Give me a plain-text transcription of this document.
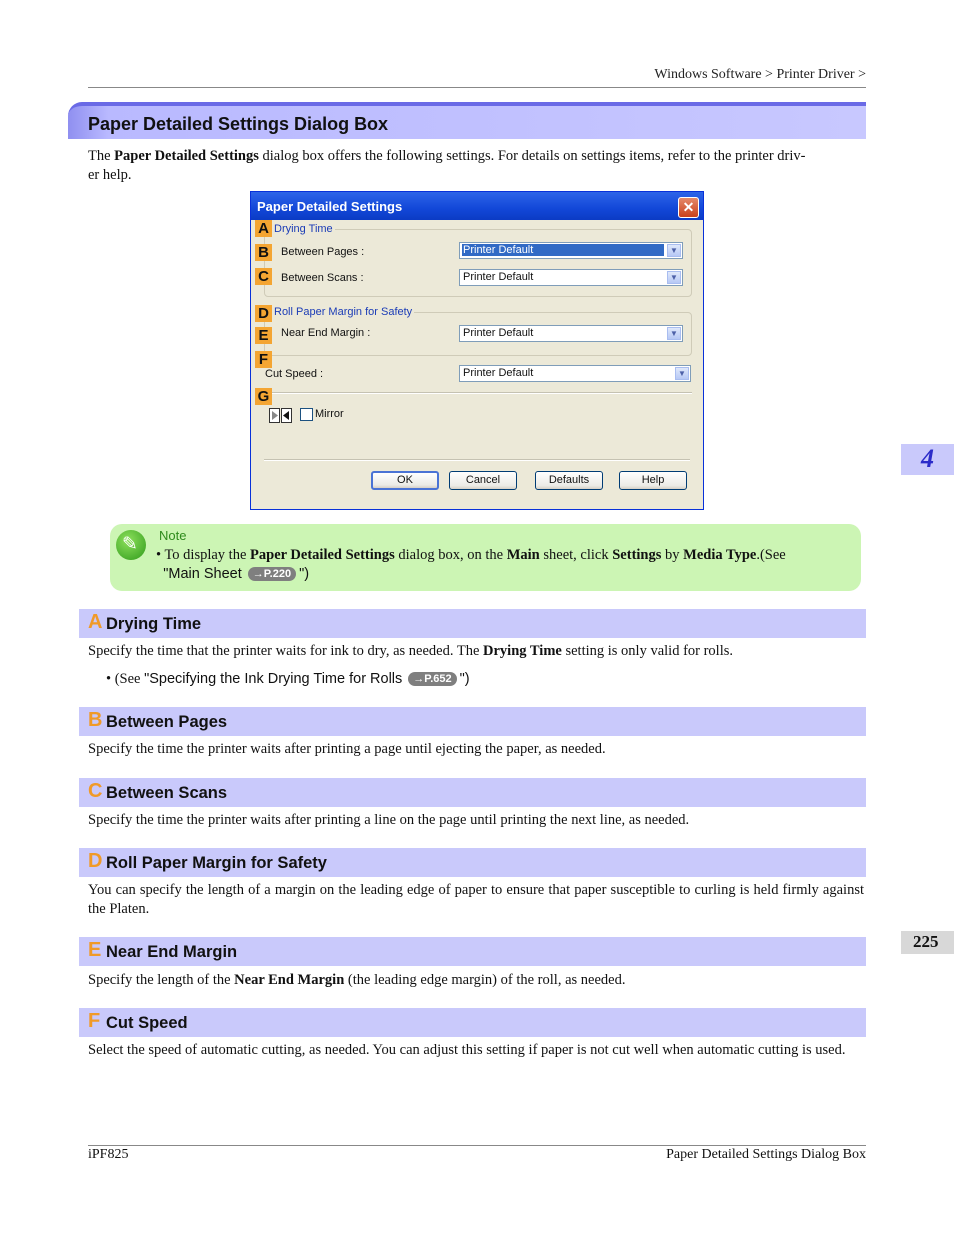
Windows Software > Printer Driver >
Paper Detailed Settings Dialog Box
The Paper Detailed Settings dialog box offers the following settings. For details on settings items, refer to the printer driv-
er help.
Paper Detailed Settings	✕
Drying Time
A
B Between Pages :	Printer Default	▼
C Between Scans :	Printer Default	▼
Roll Paper Margin for Safety
D
E	Near End Margin :	Printer Default	▼
F
Cut Speed :	Printer Default	▼
G
Mirror
OK	Cancel	Defaults	Help
✎ Note
• To display the Paper Detailed Settings dialog box, on the Main sheet, click Settings by Media Type.(See
"Main Sheet →P.220 ")
A Drying Time
Specify the time that the printer waits for ink to dry, as needed. The Drying Time setting is only valid for rolls.
• (See "Specifying the Ink Drying Time for Rolls →P.652 ")
B Between Pages
Specify the time the printer waits after printing a page until ejecting the paper, as needed.
C Between Scans
Specify the time the printer waits after printing a line on the page until printing the next line, as needed.
D Roll Paper Margin for Safety
You can specify the length of a margin on the leading edge of paper to ensure that paper susceptible to curling is held firmly against the Platen.
E Near End Margin
Specify the length of the Near End Margin (the leading edge margin) of the roll, as needed.
F Cut Speed
Select the speed of automatic cutting, as needed. You can adjust this setting if paper is not cut well when automatic cutting is used.
4
225
iPF825	Paper Detailed Settings Dialog Box
